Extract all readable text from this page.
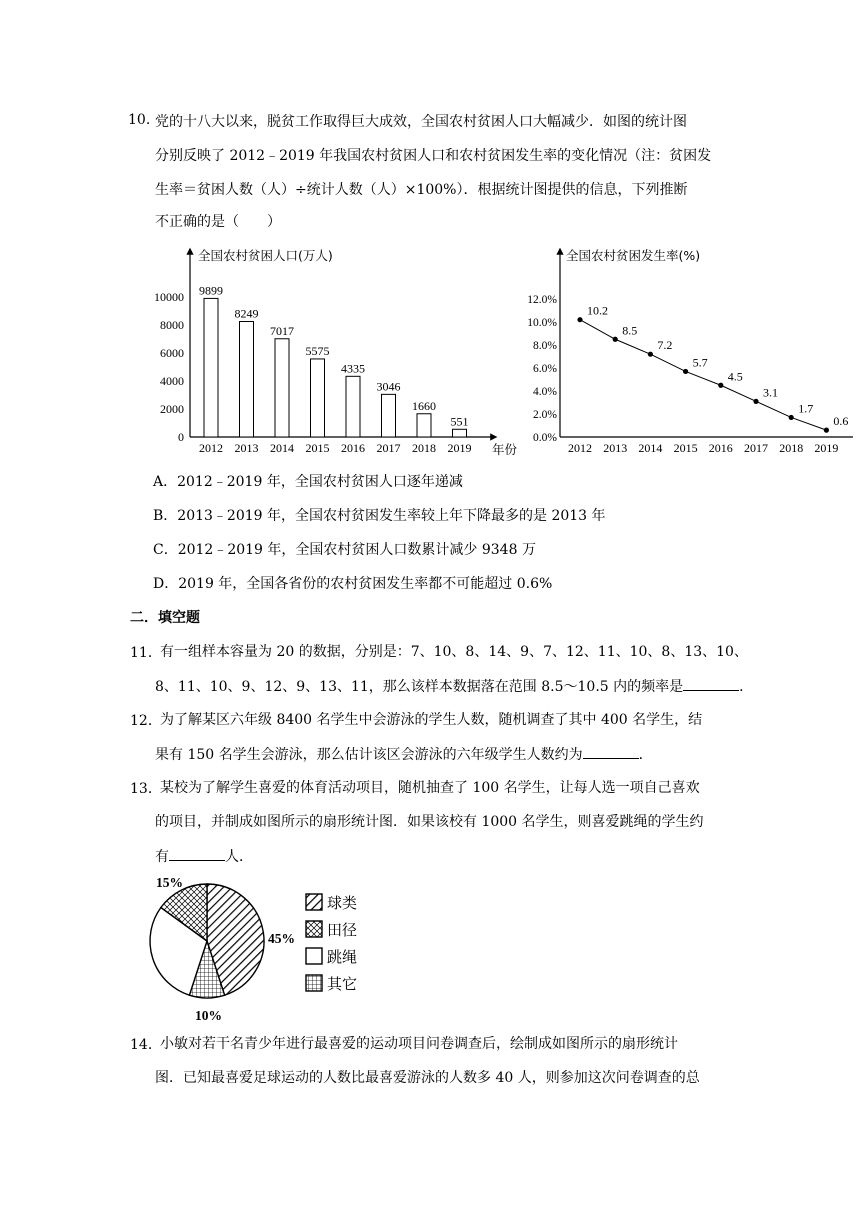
10. 党的十八大以来，脱贫工作取得巨大成效，全国农村贫困人口大幅减少．如图的统计图
分别反映了 2012﹣2019 年我国农村贫困人口和农村贫困发生率的变化情况（注：贫困发
生率＝贫困人数（人）÷统计人数（人）×100%）．根据统计图提供的信息，下列推断
不正确的是（　　）
全国农村贫困人口(万人)
年份
0
2000
4000
6000
8000
10000 9899
2012
8249
2013
7017
2014
5575
2015
4335
2016
3046
2017
1660
2018
551
2019
全国农村贫困发生率(%)
0.0%
2.0%
4.0%
6.0%
8.0%
10.0%
12.0%
10.2
2012
8.5
2013
7.2
2014
5.7
2015
4.5
2016
3.1
2017
1.7
2018
0.6
2019
A．2012﹣2019 年，全国农村贫困人口逐年递减
B．2013﹣2019 年，全国农村贫困发生率较上年下降最多的是 2013 年
C．2012﹣2019 年，全国农村贫困人口数累计减少 9348 万
D．2019 年，全国各省份的农村贫困发生率都不可能超过 0.6%
二．填空题
11．
有一组样本容量为 20 的数据，分别是：7、10、8、14、9、7、12、11、10、8、13、10、
8、11、10、9、12、9、13、11，那么该样本数据落在范围 8.5～10.5 内的频率是	．
12．
为了解某区六年级 8400 名学生中会游泳的学生人数，随机调查了其中 400 名学生，结
果有 150 名学生会游泳，那么估计该区会游泳的六年级学生人数约为	．
13．
某校为了解学生喜爱的体育活动项目，随机抽查了 100 名学生，让每人选一项自己喜欢
的项目，并制成如图所示的扇形统计图．如果该校有 1000 名学生，则喜爱跳绳的学生约
有	人．
45%
15%
10%
球类
田径
跳绳
其它
14．
小敏对若干名青少年进行最喜爱的运动项目问卷调查后，绘制成如图所示的扇形统计
图．已知最喜爱足球运动的人数比最喜爱游泳的人数多 40 人，则参加这次问卷调查的总
